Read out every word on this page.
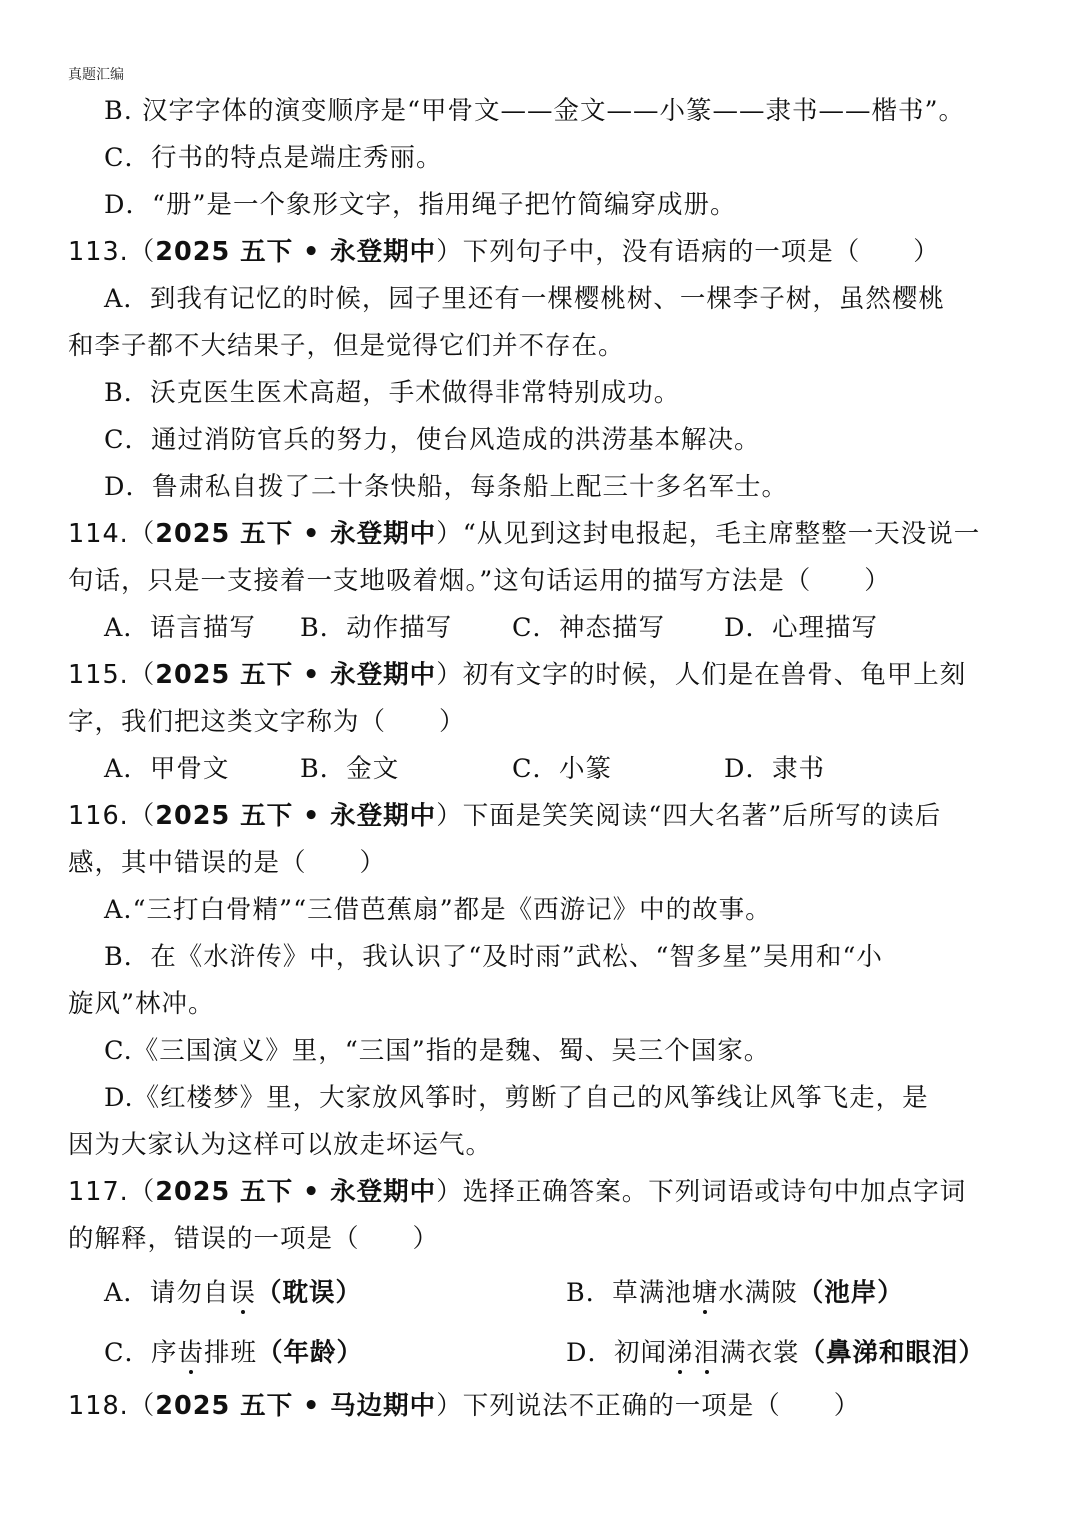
真题汇编
B. 汉字字体的演变顺序是“甲骨文——金文——小篆——隶书——楷书”。
C．行书的特点是端庄秀丽。
D．“册”是一个象形文字，指用绳子把竹简编穿成册。
113.（2025 五下 • 永登期中）下列句子中，没有语病的一项是（　　）
A．到我有记忆的时候，园子里还有一棵樱桃树、一棵李子树，虽然樱桃
和李子都不大结果子，但是觉得它们并不存在。
B．沃克医生医术高超，手术做得非常特别成功。
C．通过消防官兵的努力，使台风造成的洪涝基本解决。
D．鲁肃私自拨了二十条快船，每条船上配三十多名军士。
114.（2025 五下 • 永登期中）“从见到这封电报起，毛主席整整一天没说一
句话，只是一支接着一支地吸着烟。”这句话运用的描写方法是（　　）
A．语言描写	B．动作描写	C．神态描写	D．心理描写
115.（2025 五下 • 永登期中）初有文字的时候，人们是在兽骨、龟甲上刻
字，我们把这类文字称为（　　）
A．甲骨文	B．金文	C．小篆	D．隶书
116.（2025 五下 • 永登期中）下面是笑笑阅读“四大名著”后所写的读后
感，其中错误的是（　　）
A.“三打白骨精”“三借芭蕉扇”都是《西游记》中的故事。
B．在《水浒传》中，我认识了“及时雨”武松、“智多星”吴用和“小
旋风”林冲。
C.《三国演义》里，“三国”指的是魏、蜀、吴三个国家。
D.《红楼梦》里，大家放风筝时，剪断了自己的风筝线让风筝飞走，是
因为大家认为这样可以放走坏运气。
117.（2025 五下 • 永登期中）选择正确答案。下列词语或诗句中加点字词
的解释，错误的一项是（　　）
A．请勿自误（耽误）	B．草满池塘水满陂（池岸）
C．序齿排班（年龄）	D．初闻涕泪满衣裳（鼻涕和眼泪）
118.（2025 五下 • 马边期中）下列说法不正确的一项是（　　）
